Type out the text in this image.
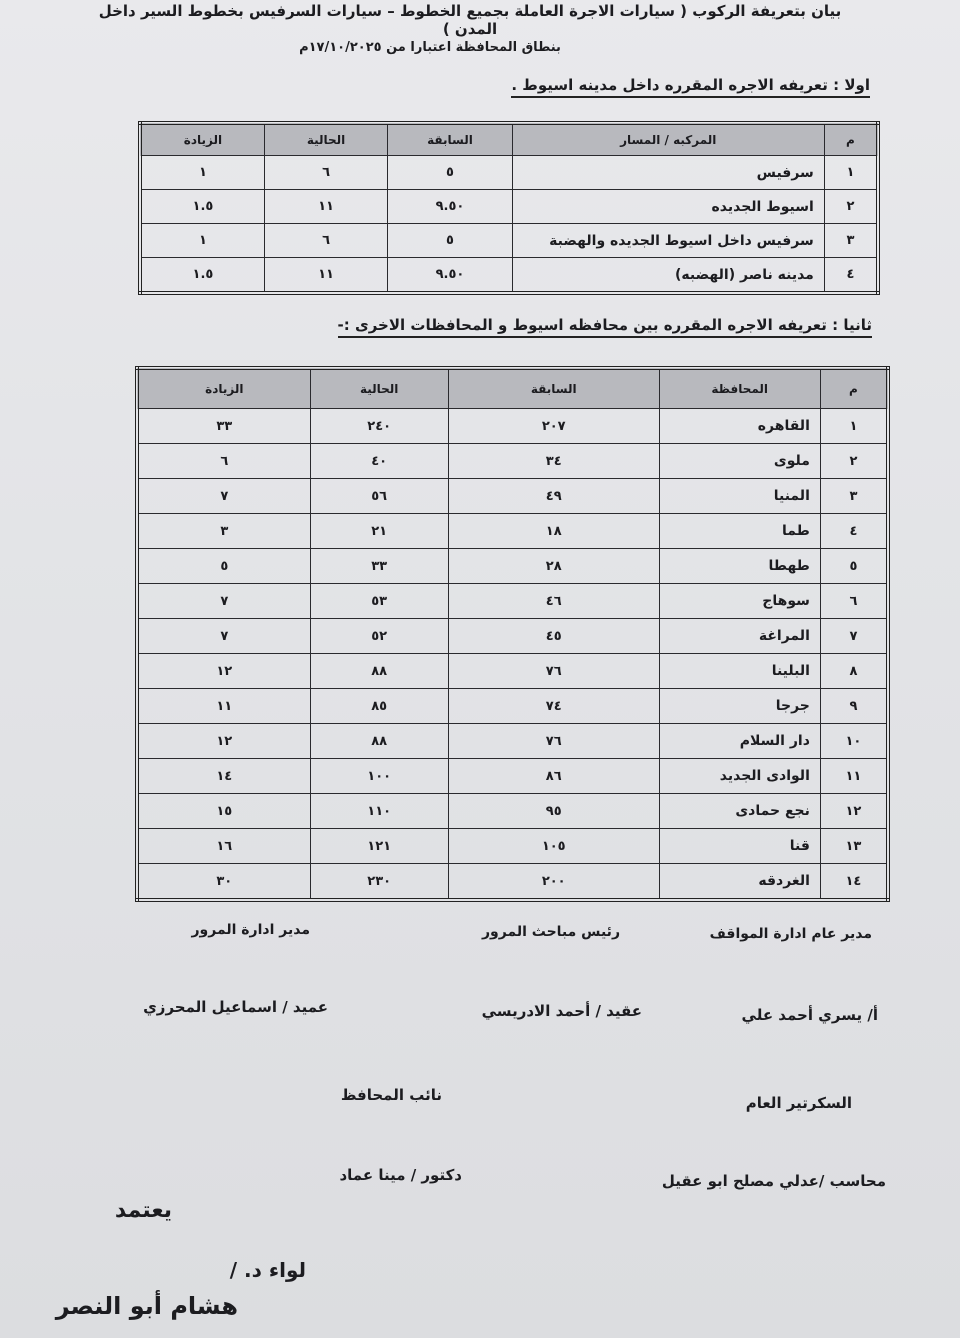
بيان بتعريفة الركوب ( سيارات الاجرة العاملة بجميع الخطوط – سيارات السرفيس بخطوط السير داخل المدن )
بنطاق المحافظة اعتبارا من ١٧/١٠/٢٠٢٥م
اولا : تعريفه الاجره المقرره داخل مدينه اسيوط .
م	المركبه / المسار	السابقة	الحالية	الزيادة
١	سرفيس	٥	٦	١
٢	اسيوط الجديده	٩.٥٠	١١	١.٥
٣	سرفيس داخل اسيوط الجديده والهضبة	٥	٦	١
٤	مدينه ناصر (الهضبه)	٩.٥٠	١١	١.٥
ثانيا : تعريفه الاجره المقرره بين محافظه اسيوط و المحافظات الاخرى :-
م	المحافظة	السابقة	الحالية	الزيادة
١	القاهره	٢٠٧	٢٤٠	٣٣
٢	ملوى	٣٤	٤٠	٦
٣	المنيا	٤٩	٥٦	٧
٤	طما	١٨	٢١	٣
٥	طهطا	٢٨	٣٣	٥
٦	سوهاج	٤٦	٥٣	٧
٧	المراغة	٤٥	٥٢	٧
٨	البلينا	٧٦	٨٨	١٢
٩	جرجا	٧٤	٨٥	١١
١٠	دار السلام	٧٦	٨٨	١٢
١١	الوادى الجديد	٨٦	١٠٠	١٤
١٢	نجع حمادى	٩٥	١١٠	١٥
١٣	قنا	١٠٥	١٢١	١٦
١٤	الغردقه	٢٠٠	٢٣٠	٣٠
مدير عام ادارة المواقف
رئيس مباحث المرور
مدير ادارة المرور
أ/ يسري أحمد علي
عقيد / أحمد الادريسي
عميد / اسماعيل المحرزي
السكرتير العام
نائب المحافظ
محاسب /عدلي مصلح ابو عقيل
دكتور / مينا عماد
يعتمد
لواء د. /
هشام أبو النصر
